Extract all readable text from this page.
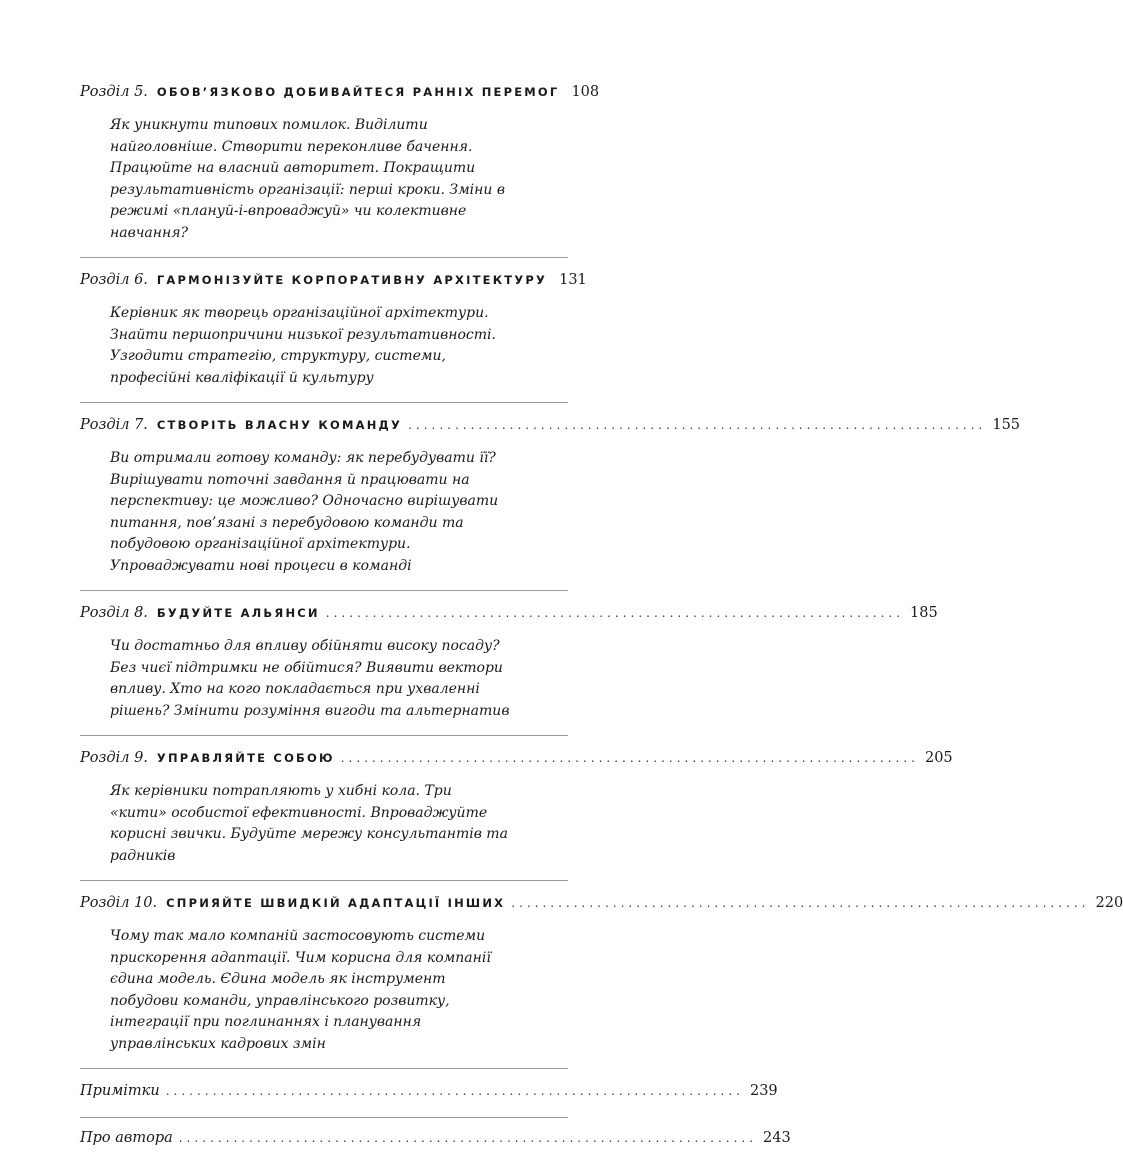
Розділ 5. ОБОВ’ЯЗКОВО ДОБИВАЙТЕСЯ РАННІХ ПЕРЕМОГ 108
Як уникнути типових помилок. Виділити найголовніше. Створити переконливе бачення. Працюйте на власний авторитет. Покращити результативність організації: перші кроки. Зміни в режимі «плануй-і-впроваджуй» чи колективне навчання?
Розділ 6. ГАРМОНІЗУЙТЕ КОРПОРАТИВНУ АРХІТЕКТУРУ 131
Керівник як творець організаційної архітектури. Знайти першопричини низької результативності. Узгодити стратегію, структуру, системи, професійні кваліфікації й культуру
Розділ 7. СТВОРІТЬ ВЛАСНУ КОМАНДУ .......................................................................... 155
Ви отримали готову команду: як перебудувати її? Вирішувати поточні завдання й працювати на перспективу: це можливо? Одночасно вирішувати питання, пов’язані з перебудовою команди та побудовою організаційної архітектури. Упроваджувати нові процеси в команді
Розділ 8. БУДУЙТЕ АЛЬЯНСИ .......................................................................... 185
Чи достатньо для впливу обійняти високу посаду? Без чиєї підтримки не обійтися? Виявити вектори впливу. Хто на кого покладається при ухваленні рішень? Змінити розуміння вигоди та альтернатив
Розділ 9. УПРАВЛЯЙТЕ СОБОЮ .......................................................................... 205
Як керівники потрапляють у хибні кола. Три «кити» особистої ефективності. Впроваджуйте корисні звички. Будуйте мережу консультантів та радників
Розділ 10. СПРИЯЙТЕ ШВИДКІЙ АДАПТАЦІЇ ІНШИХ .......................................................................... 220
Чому так мало компаній застосовують системи прискорення адаптації. Чим корисна для компанії єдина модель. Єдина модель як інструмент побудови команди, управлінського розвитку, інтеграції при поглинаннях і планування управлінських кадрових змін
Примітки .......................................................................... 239
Про автора .......................................................................... 243
